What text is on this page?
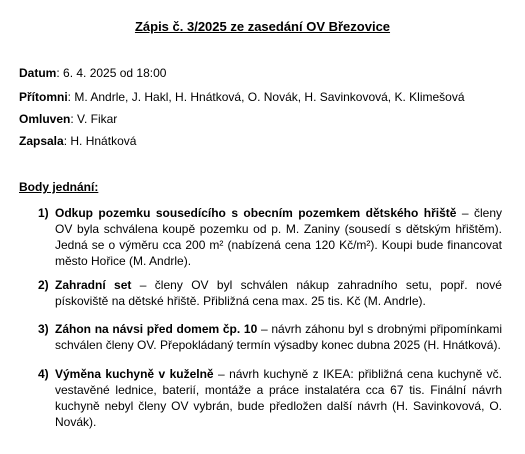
Zápis č. 3/2025 ze zasedání OV Březovice
Datum: 6. 4. 2025 od 18:00
Přítomni: M. Andrle, J. Hakl, H. Hnátková, O. Novák, H. Savinkovová, K. Klimešová
Omluven: V. Fikar
Zapsala: H. Hnátková
Body jednání:
1) Odkup pozemku sousedícího s obecním pozemkem dětského hřiště – členy OV byla schválena koupě pozemku od p. M. Zaniny (sousedí s dětským hřištěm). Jedná se o výměru cca 200 m² (nabízená cena 120 Kč/m²). Koupi bude financovat město Hořice (M. Andrle).
2) Zahradní set – členy OV byl schválen nákup zahradního setu, popř. nové pískoviště na dětské hřiště. Přibližná cena max. 25 tis. Kč (M. Andrle).
3) Záhon na návsi před domem čp. 10 – návrh záhonu byl s drobnými připomínkami schválen členy OV. Přepokládaný termín výsadby konec dubna 2025 (H. Hnátková).
4) Výměna kuchyně v kuželně – návrh kuchyně z IKEA: přibližná cena kuchyně vč. vestavěné lednice, baterií, montáže a práce instalatéra cca 67 tis. Finální návrh kuchyně nebyl členy OV vybrán, bude předložen další návrh (H. Savinkovová, O. Novák).
